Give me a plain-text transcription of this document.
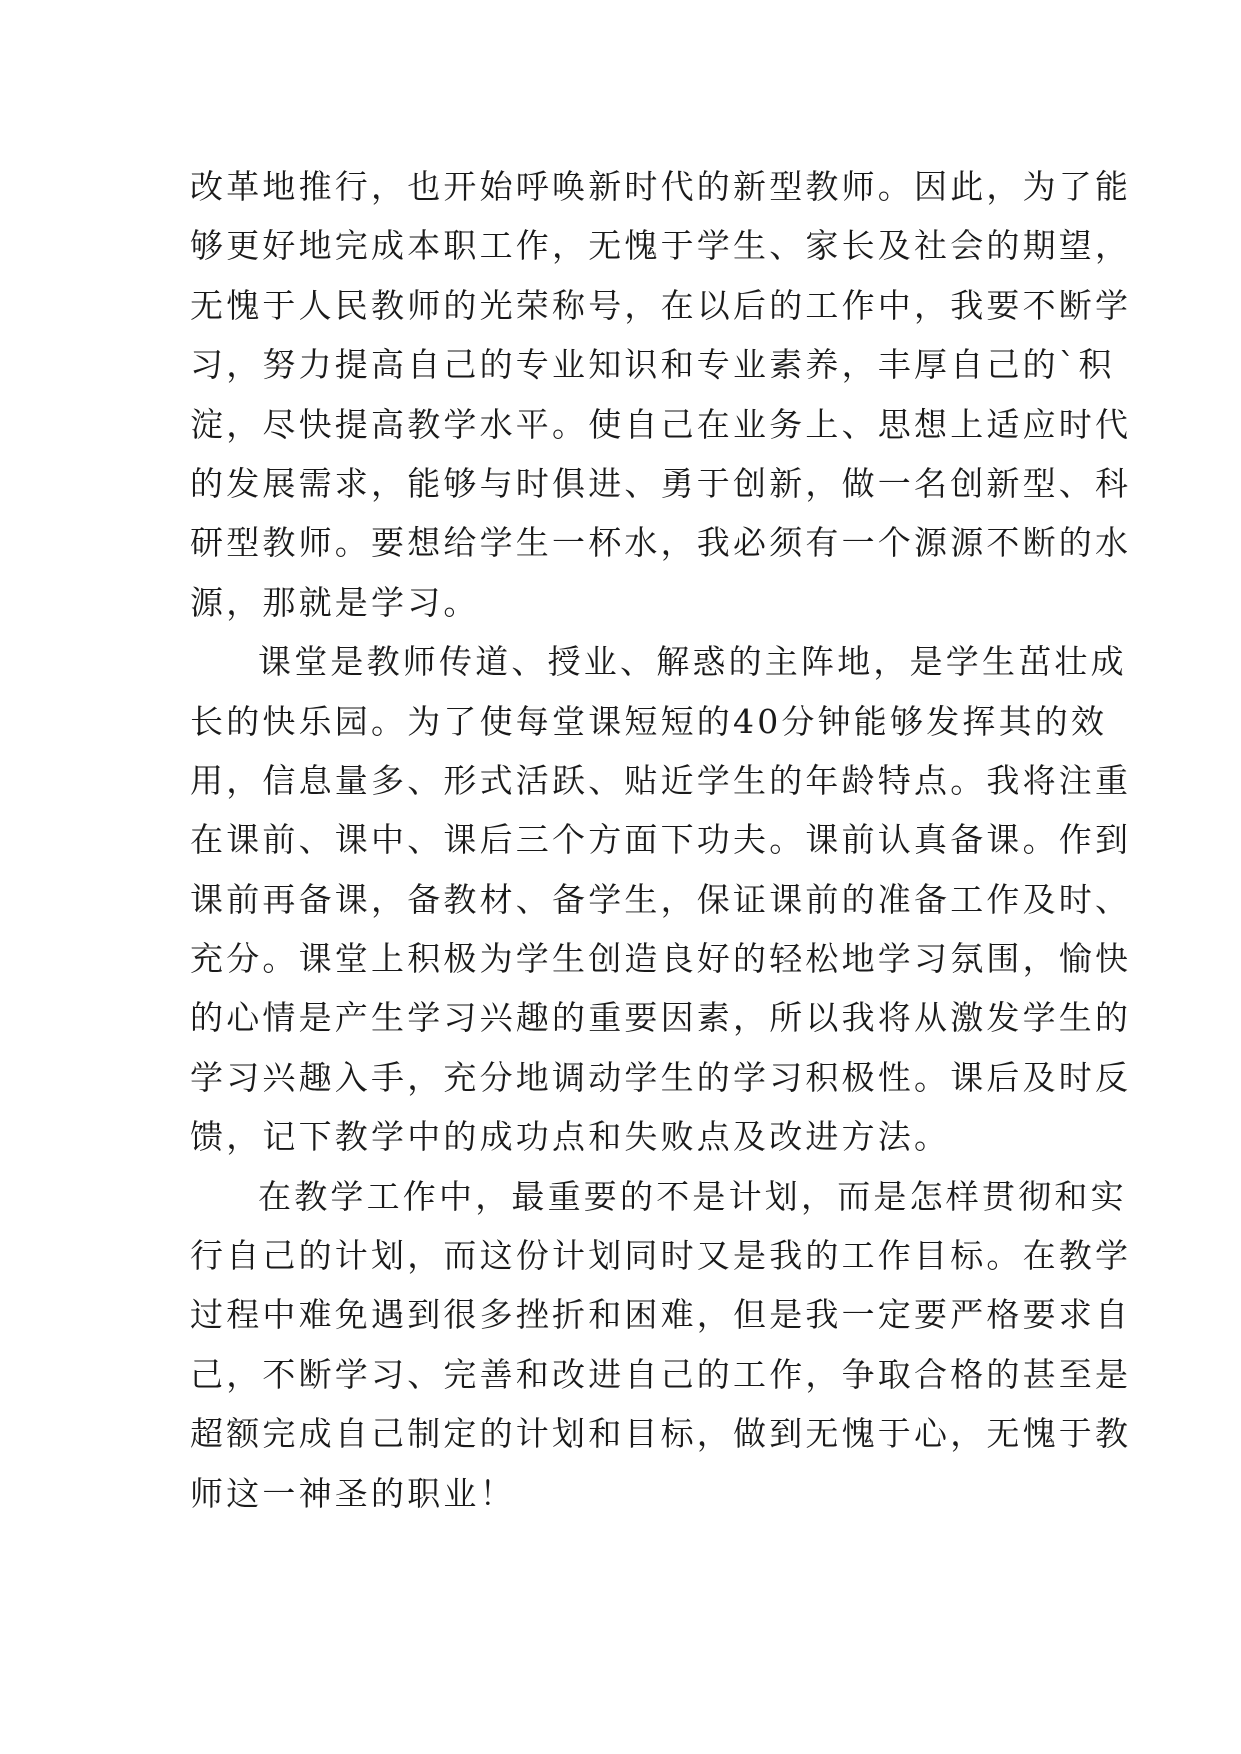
改革地推行，也开始呼唤新时代的新型教师。因此，为了能
够更好地完成本职工作，无愧于学生、家长及社会的期望，
无愧于人民教师的光荣称号，在以后的工作中，我要不断学
习，努力提高自己的专业知识和专业素养，丰厚自己的`积
淀，尽快提高教学水平。使自己在业务上、思想上适应时代
的发展需求，能够与时俱进、勇于创新，做一名创新型、科
研型教师。要想给学生一杯水，我必须有一个源源不断的水
源，那就是学习。
课堂是教师传道、授业、解惑的主阵地，是学生茁壮成
长的快乐园。为了使每堂课短短的40分钟能够发挥其的效
用，信息量多、形式活跃、贴近学生的年龄特点。我将注重
在课前、课中、课后三个方面下功夫。课前认真备课。作到
课前再备课，备教材、备学生，保证课前的准备工作及时、
充分。课堂上积极为学生创造良好的轻松地学习氛围，愉快
的心情是产生学习兴趣的重要因素，所以我将从激发学生的
学习兴趣入手，充分地调动学生的学习积极性。课后及时反
馈，记下教学中的成功点和失败点及改进方法。
在教学工作中，最重要的不是计划，而是怎样贯彻和实
行自己的计划，而这份计划同时又是我的工作目标。在教学
过程中难免遇到很多挫折和困难，但是我一定要严格要求自
己，不断学习、完善和改进自己的工作，争取合格的甚至是
超额完成自己制定的计划和目标，做到无愧于心，无愧于教
师这一神圣的职业！
